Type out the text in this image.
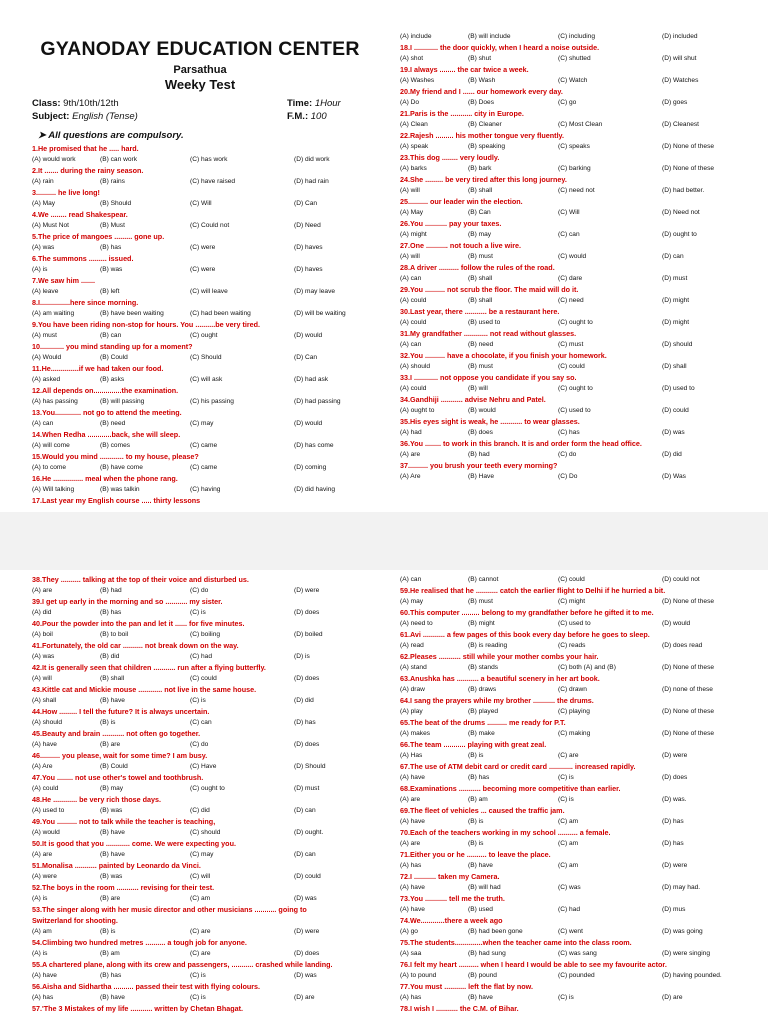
GYANODAY EDUCATION CENTER
Parsathua
Weeky Test
Class: 9th/10th/12th	Time: 1Hour
Subject: English (Tense)	F.M.: 100
➤ All questions are compulsory.
1.He promised that he ..... hard.
(A) would work	(B) can work	(C) has work	(D) did work
2.It ....... during the rainy season.
(A) rain	(B) rains	(C) have raised	(D) had rain
3.......... he live long!
(A) May	(B) Should	(C) Will	(D) Can
4.We ........ read Shakespear.
(A) Must Not	(B) Must	(C) Could not	(D) Need
5.The price of mangoes ......... gone up.
(A) was	(B) has	(C) were	(D) haves
6.The summons ......... issued.
(A) is	(B) was	(C) were	(D) haves
7.We saw him .......
(A) leave	(B) left	(C) will leave	(D) may leave
8.I...............here since morning.
(A) am waiting	(B) have been waiting	(C) had been waiting	(D) will be waiting
9.You have been riding non-stop for hours. You ..........be very tired.
(A) must	(B) can	(C) ought	(D) would
10............ you mind standing up for a moment?
(A) Would	(B) Could	(C) Should	(D) Can
11.He..............if we had taken our food.
(A) asked	(B) asks	(C) will ask	(D) had ask
12.All depends on..............the examination.
(A) has passing	(B) will passing	(C) his passing	(D) had passing
13.You............. not go to attend the meeting.
(A) can	(B) need	(C) may	(D) would
14.When Redha ............back, she will sleep.
(A) will come	(B) comes	(C) came	(D) has come
15.Would you mind ............ to my house, please?
(A) to come	(B) have come	(C) came	(D) coming
16.He ............... meal when the phone rang.
(A) Will talking	(B) was talkin	(C) having	(D) did having
17.Last year my English course ..... thirty lessons
(A) include	(B) will include	(C) including	(D) included
18.I ............ the door quickly, when I heard a noise outside.
(A) shot	(B) shut	(C) shutted	(D) will shut
19.I always ........ the car twice a week.
(A) Washes	(B) Wash	(C) Watch	(D) Watches
20.My friend and I ...... our homework every day.
(A) Do	(B) Does	(C) go	(D) goes
21.Paris is the ........... city in Europe.
(A) Clean	(B) Cleaner	(C) Most Clean	(D) Cleanest
22.Rajesh ......... his mother tongue very fluently.
(A) speak	(B) speaking	(C) speaks	(D) None of these
23.This dog ........ very loudly.
(A) barks	(B) bark	(C) barking	(D) None of these
24.She ......... be very tired after this long journey.
(A) will	(B) shall	(C) need not	(D) had better.
25.......... our leader win the election.
(A) May	(B) Can	(C) Will	(D) Need not
26.You ........... pay your taxes.
(A) might	(B) may	(C) can	(D) ought to
27.One ........... not touch a live wire.
(A) will	(B) must	(C) would	(D) can
28.A driver .......... follow the rules of the road.
(A) can	(B) shall	(C) dare	(D) must
29.You .......... not scrub the floor. The maid will do it.
(A) could	(B) shall	(C) need	(D) might
30.Last year, there ........... be a restaurant here.
(A) could	(B) used to	(C) ought to	(D) might
31.My grandfather ............ not read without glasses.
(A) can	(B) need	(C) must	(D) should
32.You .......... have a chocolate, if you finish your homework.
(A) should	(B) must	(C) could	(D) shall
33.I ............ not oppose you candidate if you say so.
(A) could	(B) will	(C) ought to	(D) used to
34.Gandhiji ........... advise Nehru and Patel.
(A) ought to	(B) would	(C) used to	(D) could
35.His eyes sight is weak, he ........... to wear glasses.
(A) had	(B) does	(C) has	(D) was
36.You ........ to work in this branch. It is and order form the head office.
(A) are	(B) had	(C) do	(D) did
37.......... you brush your teeth every morning?
(A) Are	(B) Have	(C) Do	(D) Was
38.They .......... talking at the top of their voice and disturbed us.
(A) are	(B) had	(C) do	(D) were
39.I get up early in the morning and so ........... my sister.
(A) did	(B) has	(C) is	(D) does
40.Pour the powder into the pan and let it ...... for five minutes.
(A) boil	(B) to boil	(C) boiling	(D) boiled
41.Fortunately, the old car .......... not break down on the way.
(A) was	(B) did	(C) had	(D) is
42.It is generally seen that children ........... run after a flying butterfly.
(A) will	(B) shall	(C) could	(D) does
43.Kittle cat and Mickie mouse ............ not live in the same house.
(A) shall	(B) have	(C) is	(D) did
44.How ......... I tell the future? It is always uncertain.
(A) should	(B) is	(C) can	(D) has
45.Beauty and brain ........... not often go together.
(A) have	(B) are	(C) do	(D) does
46.......... you please, wait for some time? I am busy.
(A) Are	(B) Could	(C) Have	(D) Should
47.You ........ not use other's towel and toothbrush.
(A) could	(B) may	(C) ought to	(D) must
48.He ............ be very rich those days.
(A) used to	(B) was	(C) did	(D) can
49.You .......... not to talk while the teacher is teaching,
(A) would	(B) have	(C) should	(D) ought.
50.It is good that you ............ come. We were expecting you.
(A) are	(B) have	(C) may	(D) can
51.Monalisa ........... painted by Leonardo da Vinci.
(A) were	(B) was	(C) will	(D) could
52.The boys in the room ........... revising for their test.
(A) is	(B) are	(C) am	(D) was
53.The singer along with her music director and other musicians ........... going to
Switzerland for shooting.
(A) am	(B) is	(C) are	(D) were
54.Climbing two hundred metres .......... a tough job for anyone.
(A) is	(B) am	(C) are	(D) does
55.A chartered plane, along with its crew and passengers, ........... crashed while landing.
(A) have	(B) has	(C) is	(D) was
56.Aisha and Sidhartha .......... passed their test with flying colours.
(A) has	(B) have	(C) is	(D) are
57.'The 3 Mistakes of my life ........... written by Chetan Bhagat.
(A) can	(B) cannot	(C) could	(D) could not
59.He realised that he ........... catch the earlier flight to Delhi if he hurried a bit.
(A) may	(B) must	(C) might	(D) None of these
60.This computer ......... belong to my grandfather before he gifted it to me.
(A) need to	(B) might	(C) used to	(D) would
61.Avi ........... a few pages of this book every day before he goes to sleep.
(A) read	(B) is reading	(C) reads	(D) does read
62.Pleases ........... still while your mother combs your hair.
(A) stand	(B) stands	(C) both (A) and (B)	(D) None of these
63.Anushka has ........... a beautiful scenery in her art book.
(A) draw	(B) draws	(C) drawn	(D) none of these
64.I sang the prayers while my brother ........... the drums.
(A) play	(B) played	(C) playing	(D) None of these
65.The beat of the drums .......... me ready for P.T.
(A) makes	(B) make	(C) making	(D) None of these
66.The team ........... playing with great zeal.
(A) Has	(B) is	(C) are	(D) were
67.The use of ATM debit card or credit card ............ increased rapidly.
(A) have	(B) has	(C) is	(D) does
68.Examinations ........... becoming more competitive than earlier.
(A) are	(B) am	(C) is	(D) was.
69.The fleet of vehicles ... caused the traffic jam.
(A) have	(B) is	(C) am	(D) has
70.Each of the teachers working in my school .......... a female.
(A) are	(B) is	(C) am	(D) has
71.Either you or he .......... to leave the place.
(A) has	(B) have	(C) am	(D) were
72.I ........... taken my Camera.
(A) have	(B) will had	(C) was	(D) may had.
73.You ........... tell me the truth.
(A) have	(B) used	(C) had	(D) mus
74.We............there a week ago
(A) go	(B) had been gone	(C) went	(D) was going
75.The students..............when the teacher came into the class room.
(A) saa	(B) had sung	(C) was sang	(D) were singing
76.I felt my heart .......... when I heard I would be able to see my favourite actor.
(A) to pound	(B) pound	(C) pounded	(D) having pounded.
77.You must ........... left the flat by now.
(A) has	(B) have	(C) is	(D) are
78.I wish I ........... the C.M. of Bihar.
